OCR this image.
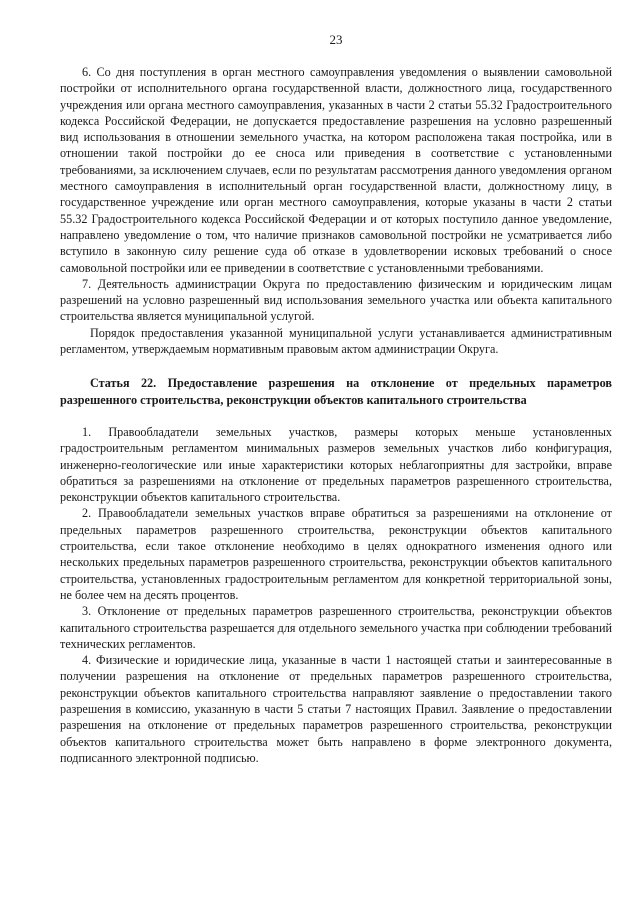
23

6. Со дня поступления в орган местного самоуправления уведомления о выявлении самовольной постройки от исполнительного органа государственной власти, должностного лица, государственного учреждения или органа местного самоуправления, указанных в части 2 статьи 55.32 Градостроительного кодекса Российской Федерации, не допускается предоставление разрешения на условно разрешенный вид использования в отношении земельного участка, на котором расположена такая постройка, или в отношении такой постройки до ее сноса или приведения в соответствие с установленными требованиями, за исключением случаев, если по результатам рассмотрения данного уведомления органом местного самоуправления в исполнительный орган государственной власти, должностному лицу, в государственное учреждение или орган местного самоуправления, которые указаны в части 2 статьи 55.32 Градостроительного кодекса Российской Федерации и от которых поступило данное уведомление, направлено уведомление о том, что наличие признаков самовольной постройки не усматривается либо вступило в законную силу решение суда об отказе в удовлетворении исковых требований о сносе самовольной постройки или ее приведении в соответствие с установленными требованиями.

7. Деятельность администрации Округа по предоставлению физическим и юридическим лицам разрешений на условно разрешенный вид использования земельного участка или объекта капитального строительства является муниципальной услугой.

Порядок предоставления указанной муниципальной услуги устанавливается административным регламентом, утверждаемым нормативным правовым актом администрации Округа.

Статья 22. Предоставление разрешения на отклонение от предельных параметров разрешенного строительства, реконструкции объектов капитального строительства

1. Правообладатели земельных участков, размеры которых меньше установленных градостроительным регламентом минимальных размеров земельных участков либо конфигурация, инженерно-геологические или иные характеристики которых неблагоприятны для застройки, вправе обратиться за разрешениями на отклонение от предельных параметров разрешенного строительства, реконструкции объектов капитального строительства.

2. Правообладатели земельных участков вправе обратиться за разрешениями на отклонение от предельных параметров разрешенного строительства, реконструкции объектов капитального строительства, если такое отклонение необходимо в целях однократного изменения одного или нескольких предельных параметров разрешенного строительства, реконструкции объектов капитального строительства, установленных градостроительным регламентом для конкретной территориальной зоны, не более чем на десять процентов.

3. Отклонение от предельных параметров разрешенного строительства, реконструкции объектов капитального строительства разрешается для отдельного земельного участка при соблюдении требований технических регламентов.

4. Физические и юридические лица, указанные в части 1 настоящей статьи и заинтересованные в получении разрешения на отклонение от предельных параметров разрешенного строительства, реконструкции объектов капитального строительства направляют заявление о предоставлении такого разрешения в комиссию, указанную в части 5 статьи 7 настоящих Правил. Заявление о предоставлении разрешения на отклонение от предельных параметров разрешенного строительства, реконструкции объектов капитального строительства может быть направлено в форме электронного документа, подписанного электронной подписью.
